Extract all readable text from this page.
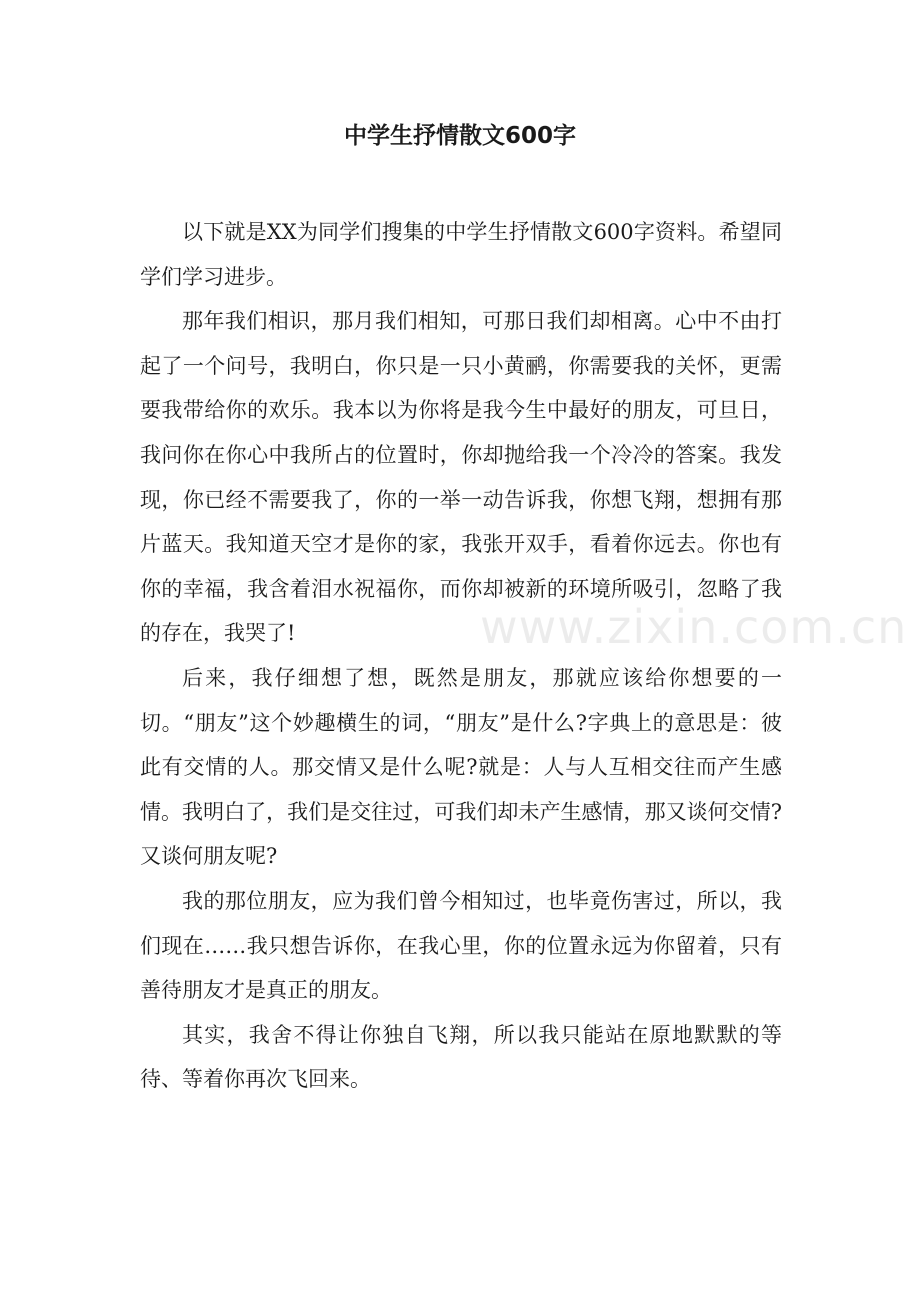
中学生抒情散文600字

以下就是XX为同学们搜集的中学生抒情散文600字资料。希望同学们学习进步。

那年我们相识，那月我们相知，可那日我们却相离。心中不由打起了一个问号，我明白，你只是一只小黄鹂，你需要我的关怀，更需要我带给你的欢乐。我本以为你将是我今生中最好的朋友，可旦日，我问你在你心中我所占的位置时，你却抛给我一个冷冷的答案。我发现，你已经不需要我了，你的一举一动告诉我，你想飞翔，想拥有那片蓝天。我知道天空才是你的家，我张开双手，看着你远去。你也有你的幸福，我含着泪水祝福你，而你却被新的环境所吸引，忽略了我的存在，我哭了!

后来，我仔细想了想，既然是朋友，那就应该给你想要的一切。“朋友”这个妙趣横生的词，“朋友”是什么?字典上的意思是：彼此有交情的人。那交情又是什么呢?就是：人与人互相交往而产生感情。我明白了，我们是交往过，可我们却未产生感情，那又谈何交情?又谈何朋友呢?

我的那位朋友，应为我们曾今相知过，也毕竟伤害过，所以，我们现在……我只想告诉你，在我心里，你的位置永远为你留着，只有善待朋友才是真正的朋友。

其实，我舍不得让你独自飞翔，所以我只能站在原地默默的等待、等着你再次飞回来。

www.zixin.com.cn
